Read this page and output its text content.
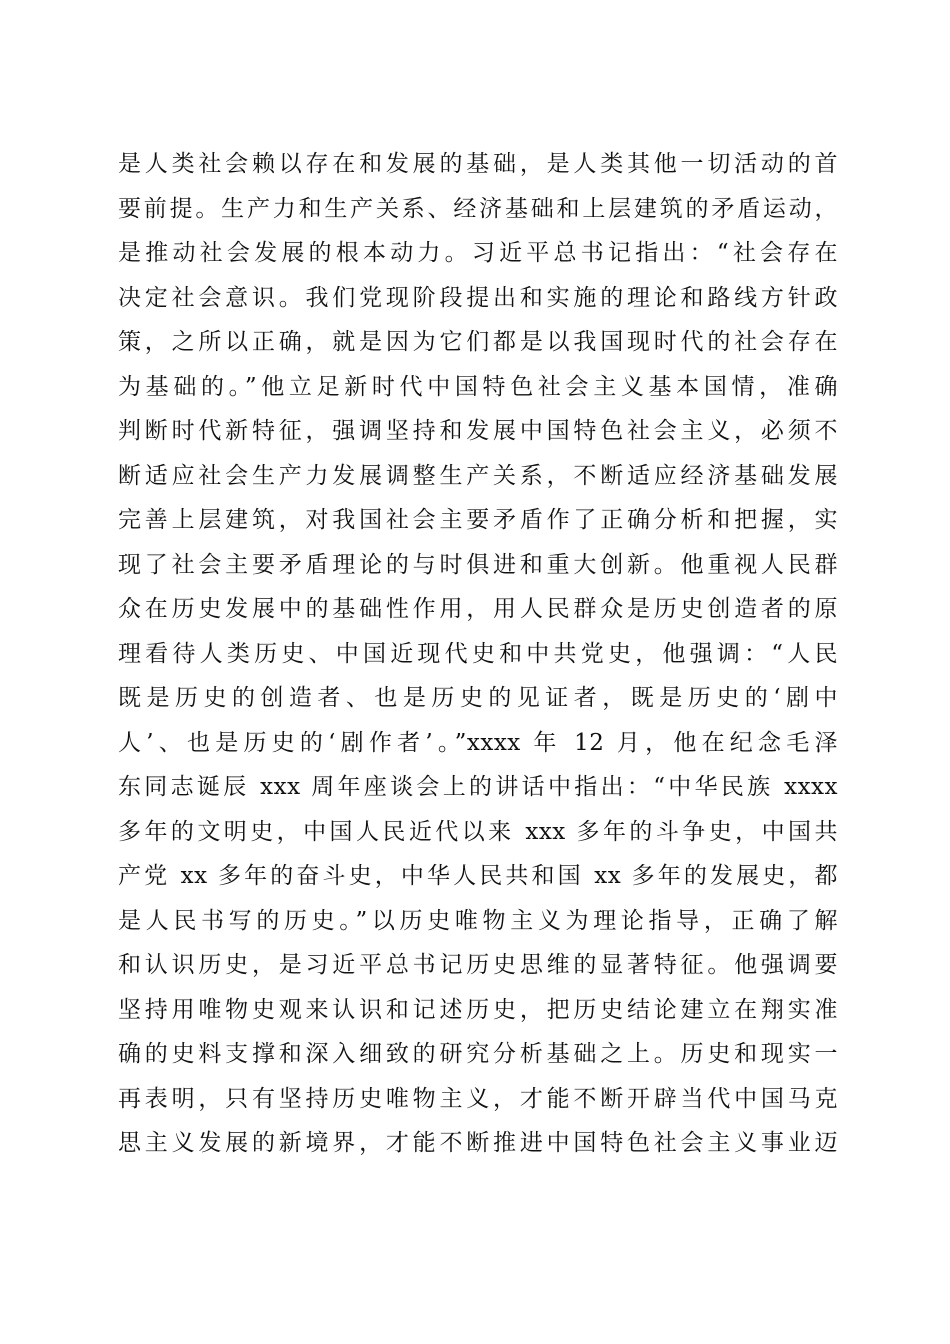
是人类社会赖以存在和发展的基础，是人类其他一切活动的首
要前提。生产力和生产关系、经济基础和上层建筑的矛盾运动，
是推动社会发展的根本动力。习近平总书记指出：“社会存在
决定社会意识。我们党现阶段提出和实施的理论和路线方针政
策，之所以正确，就是因为它们都是以我国现时代的社会存在
为基础的。”他立足新时代中国特色社会主义基本国情，准确
判断时代新特征，强调坚持和发展中国特色社会主义，必须不
断适应社会生产力发展调整生产关系，不断适应经济基础发展
完善上层建筑，对我国社会主要矛盾作了正确分析和把握，实
现了社会主要矛盾理论的与时俱进和重大创新。他重视人民群
众在历史发展中的基础性作用，用人民群众是历史创造者的原
理看待人类历史、中国近现代史和中共党史，他强调：“人民
既是历史的创造者、也是历史的见证者，既是历史的‘剧中
人’、也是历史的‘剧作者’。”xxxx 年 12 月，他在纪念毛泽
东同志诞辰 xxx 周年座谈会上的讲话中指出：“中华民族 xxxx
多年的文明史，中国人民近代以来 xxx 多年的斗争史，中国共
产党 xx 多年的奋斗史，中华人民共和国 xx 多年的发展史，都
是人民书写的历史。”以历史唯物主义为理论指导，正确了解
和认识历史，是习近平总书记历史思维的显著特征。他强调要
坚持用唯物史观来认识和记述历史，把历史结论建立在翔实准
确的史料支撑和深入细致的研究分析基础之上。历史和现实一
再表明，只有坚持历史唯物主义，才能不断开辟当代中国马克
思主义发展的新境界，才能不断推进中国特色社会主义事业迈
